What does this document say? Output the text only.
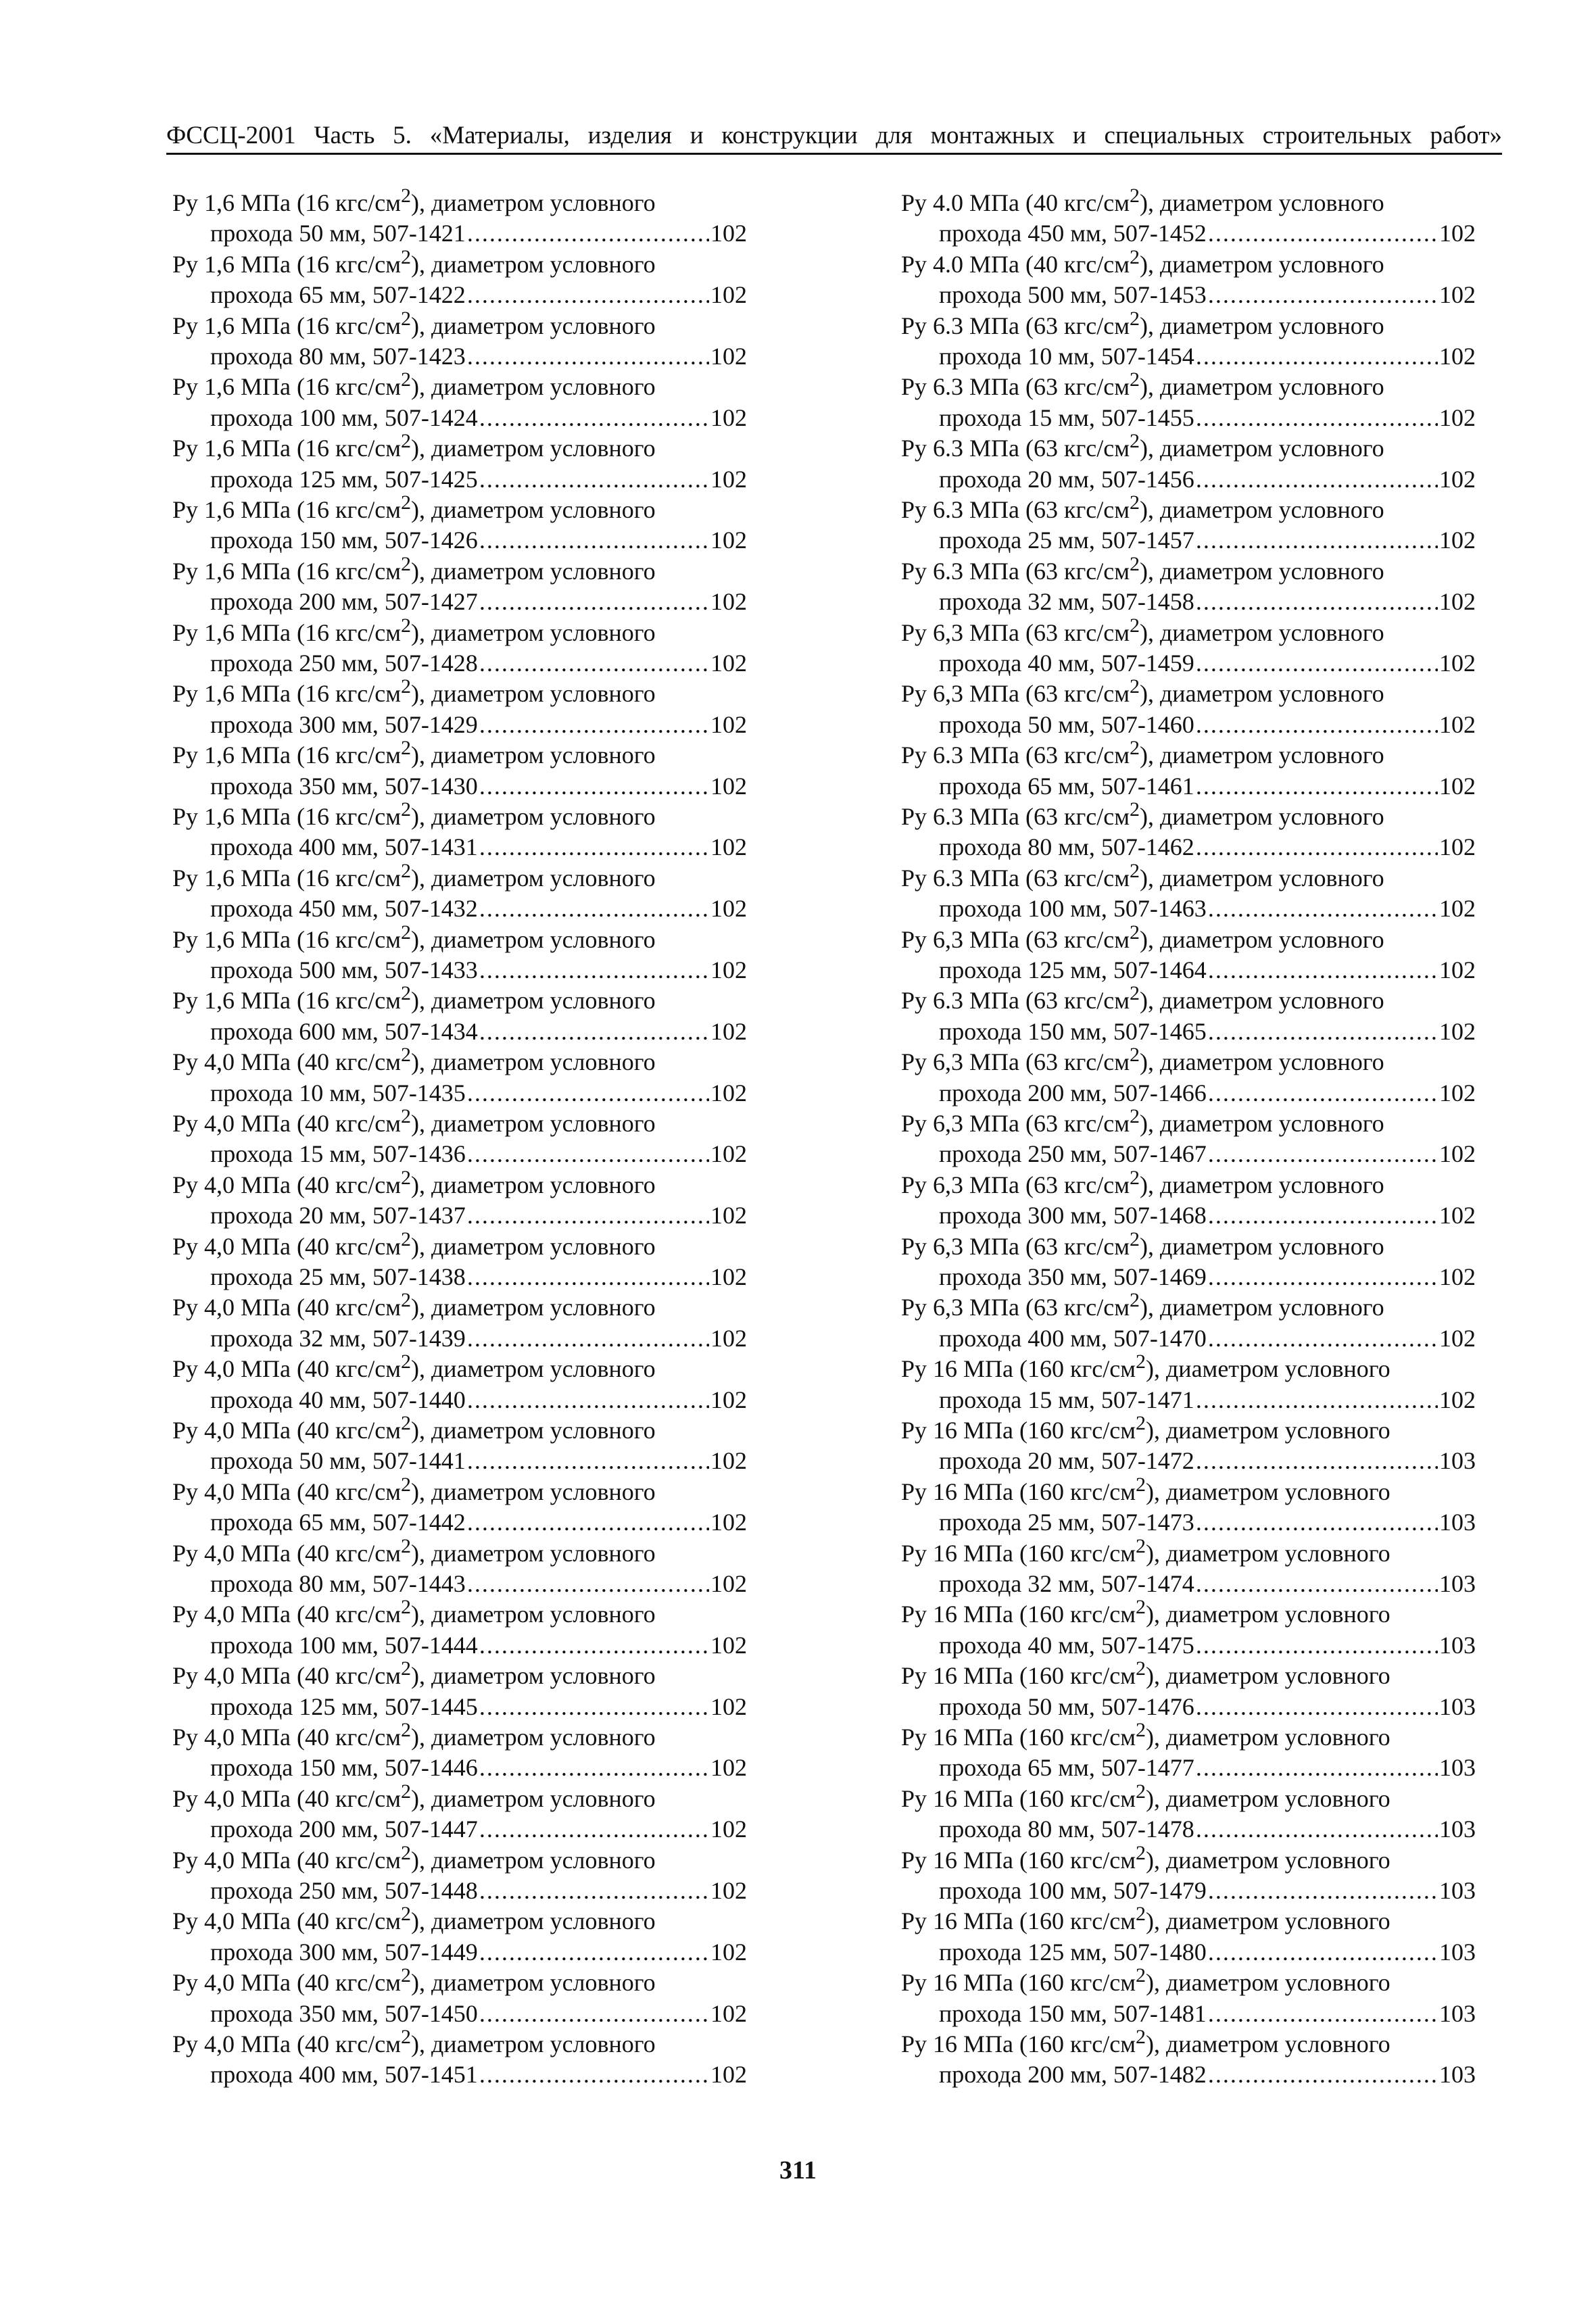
ФССЦ-2001 Часть 5. «Материалы, изделия и конструкции для монтажных и специальных строительных работ»
Ру 1,6 МПа (16 кгс/$см^2$), диаметром условного
прохода 50 мм, 507-1421 .....	102
Ру 1,6 МПа (16 кгс/$см^2$), диаметром условного
прохода 65 мм, 507-1422 .....	102
Ру 1,6 МПа (16 кгс/$см^2$), диаметром условного
прохода 80 мм, 507-1423 .....	102
Ру 1,6 МПа (16 кгс/$см^2$), диаметром условного
прохода 100 мм, 507-1424 .....	102
Ру 1,6 МПа (16 кгс/$см^2$), диаметром условного
прохода 125 мм, 507-1425 .....	102
Ру 1,6 МПа (16 кгс/$см^2$), диаметром условного
прохода 150 мм, 507-1426 .....	102
Ру 1,6 МПа (16 кгс/$см^2$), диаметром условного
прохода 200 мм, 507-1427 .....	102
Ру 1,6 МПа (16 кгс/$см^2$), диаметром условного
прохода 250 мм, 507-1428 .....	102
Ру 1,6 МПа (16 кгс/$см^2$), диаметром условного
прохода 300 мм, 507-1429 .....	102
Ру 1,6 МПа (16 кгс/$см^2$), диаметром условного
прохода 350 мм, 507-1430 .....	102
Ру 1,6 МПа (16 кгс/$см^2$), диаметром условного
прохода 400 мм, 507-1431 .....	102
Ру 1,6 МПа (16 кгс/$см^2$), диаметром условного
прохода 450 мм, 507-1432 .....	102
Ру 1,6 МПа (16 кгс/$см^2$), диаметром условного
прохода 500 мм, 507-1433 .....	102
Ру 1,6 МПа (16 кгс/$см^2$), диаметром условного
прохода 600 мм, 507-1434 .....	102
Ру 4,0 МПа (40 кгс/$см^2$), диаметром условного
прохода 10 мм, 507-1435 .....	102
Ру 4,0 МПа (40 кгс/$см^2$), диаметром условного
прохода 15 мм, 507-1436 .....	102
Ру 4,0 МПа (40 кгс/$см^2$), диаметром условного
прохода 20 мм, 507-1437 .....	102
Ру 4,0 МПа (40 кгс/$см^2$), диаметром условного
прохода 25 мм, 507-1438 .....	102
Ру 4,0 МПа (40 кгс/$см^2$), диаметром условного
прохода 32 мм, 507-1439 .....	102
Ру 4,0 МПа (40 кгс/$см^2$), диаметром условного
прохода 40 мм, 507-1440 .....	102
Ру 4,0 МПа (40 кгс/$см^2$), диаметром условного
прохода 50 мм, 507-1441 .....	102
Ру 4,0 МПа (40 кгс/$см^2$), диаметром условного
прохода 65 мм, 507-1442 .....	102
Ру 4,0 МПа (40 кгс/$см^2$), диаметром условного
прохода 80 мм, 507-1443 .....	102
Ру 4,0 МПа (40 кгс/$см^2$), диаметром условного
прохода 100 мм, 507-1444 .....	102
Ру 4,0 МПа (40 кгс/$см^2$), диаметром условного
прохода 125 мм, 507-1445 .....	102
Ру 4,0 МПа (40 кгс/$см^2$), диаметром условного
прохода 150 мм, 507-1446 .....	102
Ру 4,0 МПа (40 кгс/$см^2$), диаметром условного
прохода 200 мм, 507-1447 .....	102
Ру 4,0 МПа (40 кгс/$см^2$), диаметром условного
прохода 250 мм, 507-1448 .....	102
Ру 4,0 МПа (40 кгс/$см^2$), диаметром условного
прохода 300 мм, 507-1449 .....	102
Ру 4,0 МПа (40 кгс/$см^2$), диаметром условного
прохода 350 мм, 507-1450 .....	102
Ру 4,0 МПа (40 кгс/$см^2$), диаметром условного
прохода 400 мм, 507-1451 .....	102
Ру 4.0 МПа (40 кгс/$см^2$), диаметром условного
прохода 450 мм, 507-1452 .....	102
Ру 4.0 МПа (40 кгс/$см^2$), диаметром условного
прохода 500 мм, 507-1453 .....	102
Ру 6.3 МПа (63 кгс/$см^2$), диаметром условного
прохода 10 мм, 507-1454 .....	102
Ру 6.3 МПа (63 кгс/$см^2$), диаметром условного
прохода 15 мм, 507-1455 .....	102
Ру 6.3 МПа (63 кгс/$см^2$), диаметром условного
прохода 20 мм, 507-1456 .....	102
Ру 6.3 МПа (63 кгс/$см^2$), диаметром условного
прохода 25 мм, 507-1457 .....	102
Ру 6.3 МПа (63 кгс/$см^2$), диаметром условного
прохода 32 мм, 507-1458 .....	102
Ру 6,3 МПа (63 кгс/$см^2$), диаметром условного
прохода 40 мм, 507-1459 .....	102
Ру 6,3 МПа (63 кгс/$см^2$), диаметром условного
прохода 50 мм, 507-1460 .....	102
Ру 6.3 МПа (63 кгс/$см^2$), диаметром условного
прохода 65 мм, 507-1461 .....	102
Ру 6.3 МПа (63 кгс/$см^2$), диаметром условного
прохода 80 мм, 507-1462 .....	102
Ру 6.3 МПа (63 кгс/$см^2$), диаметром условного
прохода 100 мм, 507-1463 .....	102
Ру 6,3 МПа (63 кгс/$см^2$), диаметром условного
прохода 125 мм, 507-1464 .....	102
Ру 6.3 МПа (63 кгс/$см^2$), диаметром условного
прохода 150 мм, 507-1465 .....	102
Ру 6,3 МПа (63 кгс/$см^2$), диаметром условного
прохода 200 мм, 507-1466 .....	102
Ру 6,3 МПа (63 кгс/$см^2$), диаметром условного
прохода 250 мм, 507-1467 .....	102
Ру 6,3 МПа (63 кгс/$см^2$), диаметром условного
прохода 300 мм, 507-1468 .....	102
Ру 6,3 МПа (63 кгс/$см^2$), диаметром условного
прохода 350 мм, 507-1469 .....	102
Ру 6,3 МПа (63 кгс/$см^2$), диаметром условного
прохода 400 мм, 507-1470 .....	102
Ру 16 МПа (160 кгс/$см^2$), диаметром условного
прохода 15 мм, 507-1471 .....	102
Ру 16 МПа (160 кгс/$см^2$), диаметром условного
прохода 20 мм, 507-1472 .....	103
Ру 16 МПа (160 кгс/$см^2$), диаметром условного
прохода 25 мм, 507-1473 .....	103
Ру 16 МПа (160 кгс/$см^2$), диаметром условного
прохода 32 мм, 507-1474 .....	103
Ру 16 МПа (160 кгс/$см^2$), диаметром условного
прохода 40 мм, 507-1475 .....	103
Ру 16 МПа (160 кгс/$см^2$), диаметром условного
прохода 50 мм, 507-1476 .....	103
Ру 16 МПа (160 кгс/$см^2$), диаметром условного
прохода 65 мм, 507-1477 .....	103
Ру 16 МПа (160 кгс/$см^2$), диаметром условного
прохода 80 мм, 507-1478 .....	103
Ру 16 МПа (160 кгс/$см^2$), диаметром условного
прохода 100 мм, 507-1479 .....	103
Ру 16 МПа (160 кгс/$см^2$), диаметром условного
прохода 125 мм, 507-1480 .....	103
Ру 16 МПа (160 кгс/$см^2$), диаметром условного
прохода 150 мм, 507-1481 .....	103
Ру 16 МПа (160 кгс/$см^2$), диаметром условного
прохода 200 мм, 507-1482 .....	103
311
